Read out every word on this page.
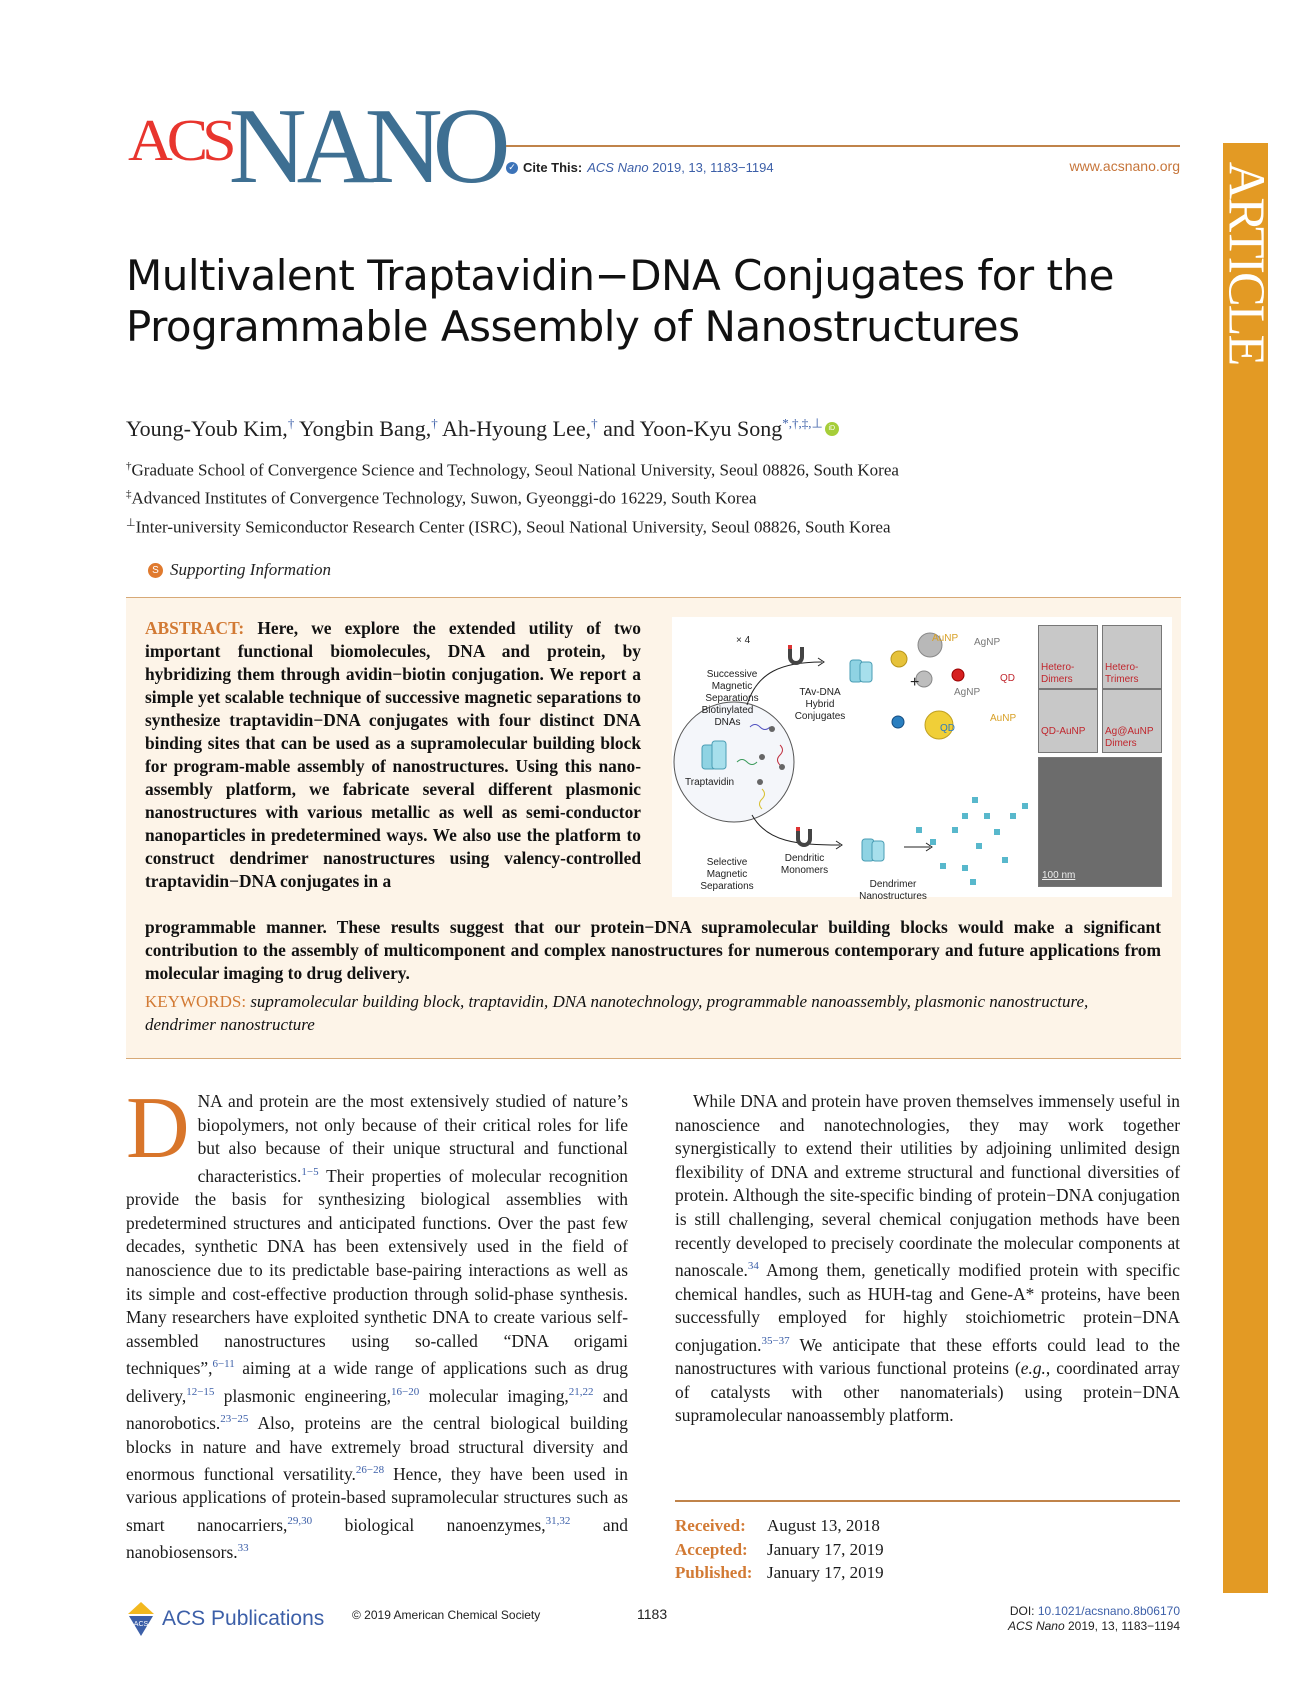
ACS
NANO ✓ Cite This: ACS Nano 2019, 13, 1183−1194	www.acsnano.org ARTICLE
Multivalent Traptavidin−DNA Conjugates for the Programmable Assembly of Nanostructures
Young-Youb Kim,† Yongbin Bang,† Ah-Hyoung Lee,† and Yoon-Kyu Song*,†,‡,⊥ iD
†Graduate School of Convergence Science and Technology, Seoul National University, Seoul 08826, South Korea
‡Advanced Institutes of Convergence Technology, Suwon, Gyeonggi-do 16229, South Korea
⊥Inter-university Semiconductor Research Center (ISRC), Seoul National University, Seoul 08826, South Korea
S Supporting Information
ABSTRACT: Here, we explore the extended utility of two important functional biomolecules, DNA and protein, by hybridizing them through avidin−biotin conjugation. We report a simple yet scalable technique of successive magnetic separations to synthesize traptavidin−DNA conjugates with four distinct DNA binding sites that can be used as a supramolecular building block for program-mable assembly of nanostructures. Using this nano-assembly platform, we fabricate several different plasmonic nanostructures with various metallic as well as semi-conductor nanoparticles in predetermined ways. We also use the platform to construct dendrimer nanostructures using valency-controlled traptavidin−DNA conjugates in a
programmable manner. These results suggest that our protein−DNA supramolecular building blocks would make a significant contribution to the assembly of multicomponent and complex nanostructures for numerous contemporary and future applications from molecular imaging to drug delivery.
KEYWORDS: supramolecular building block, traptavidin, DNA nanotechnology, programmable nanoassembly, plasmonic nanostructure, dendrimer nanostructure
× 4
Successive Magnetic Separations
Biotinylated DNAs
Traptavidin
TAv-DNA Hybrid Conjugates
+
AuNP AgNP
AgNP
QD
QD
AuNP
Selective Magnetic Separations
Dendritic Monomers
Dendrimer Nanostructures
Hetero-Dimers
Hetero-Trimers
QD-AuNP	Ag@AuNP Dimers
100 nm
DNA and protein are the most extensively studied of nature’s biopolymers, not only because of their critical roles for life but also because of their unique structural and functional characteristics.$^{1-5}$ Their properties of molecular recognition provide the basis for synthesizing biological assemblies with predetermined structures and anticipated functions. Over the past few decades, synthetic DNA has been extensively used in the field of nanoscience due to its predictable base-pairing interactions as well as its simple and cost-effective production through solid-phase synthesis. Many researchers have exploited synthetic DNA to create various self-assembled nanostructures using so-called “DNA origami techniques”,$^{6-11}$ aiming at a wide range of applications such as drug delivery,$^{12-15}$ plasmonic engineering,$^{16-20}$ molecular imaging,$^{21,22}$ and nanorobotics.$^{23-25}$ Also, proteins are the central biological building blocks in nature and have extremely broad structural diversity and enormous functional versatility.$^{26-28}$ Hence, they have been used in various applications of protein-based supramolecular structures such as smart nanocarriers,$^{29,30}$ biological nanoenzymes,$^{31,32}$ and nanobiosensors.$^{33}$
While DNA and protein have proven themselves immensely useful in nanoscience and nanotechnologies, they may work together synergistically to extend their utilities by adjoining unlimited design flexibility of DNA and extreme structural and functional diversities of protein. Although the site-specific binding of protein−DNA conjugation is still challenging, several chemical conjugation methods have been recently developed to precisely coordinate the molecular components at nanoscale.$^{34}$ Among them, genetically modified protein with specific chemical handles, such as HUH-tag and Gene-A* proteins, have been successfully employed for highly stoichiometric protein−DNA conjugation.$^{35-37}$ We anticipate that these efforts could lead to the nanostructures with various functional proteins (e.g., coordinated array of catalysts with other nanomaterials) using protein−DNA supramolecular nanoassembly platform.
Received:	August 13, 2018
Accepted:	January 17, 2019
Published: January 17, 2019
ACS ACS Publications © 2019 American Chemical Society	1183	DOI: 10.1021/acsnano.8b06170
ACS Nano 2019, 13, 1183−1194
